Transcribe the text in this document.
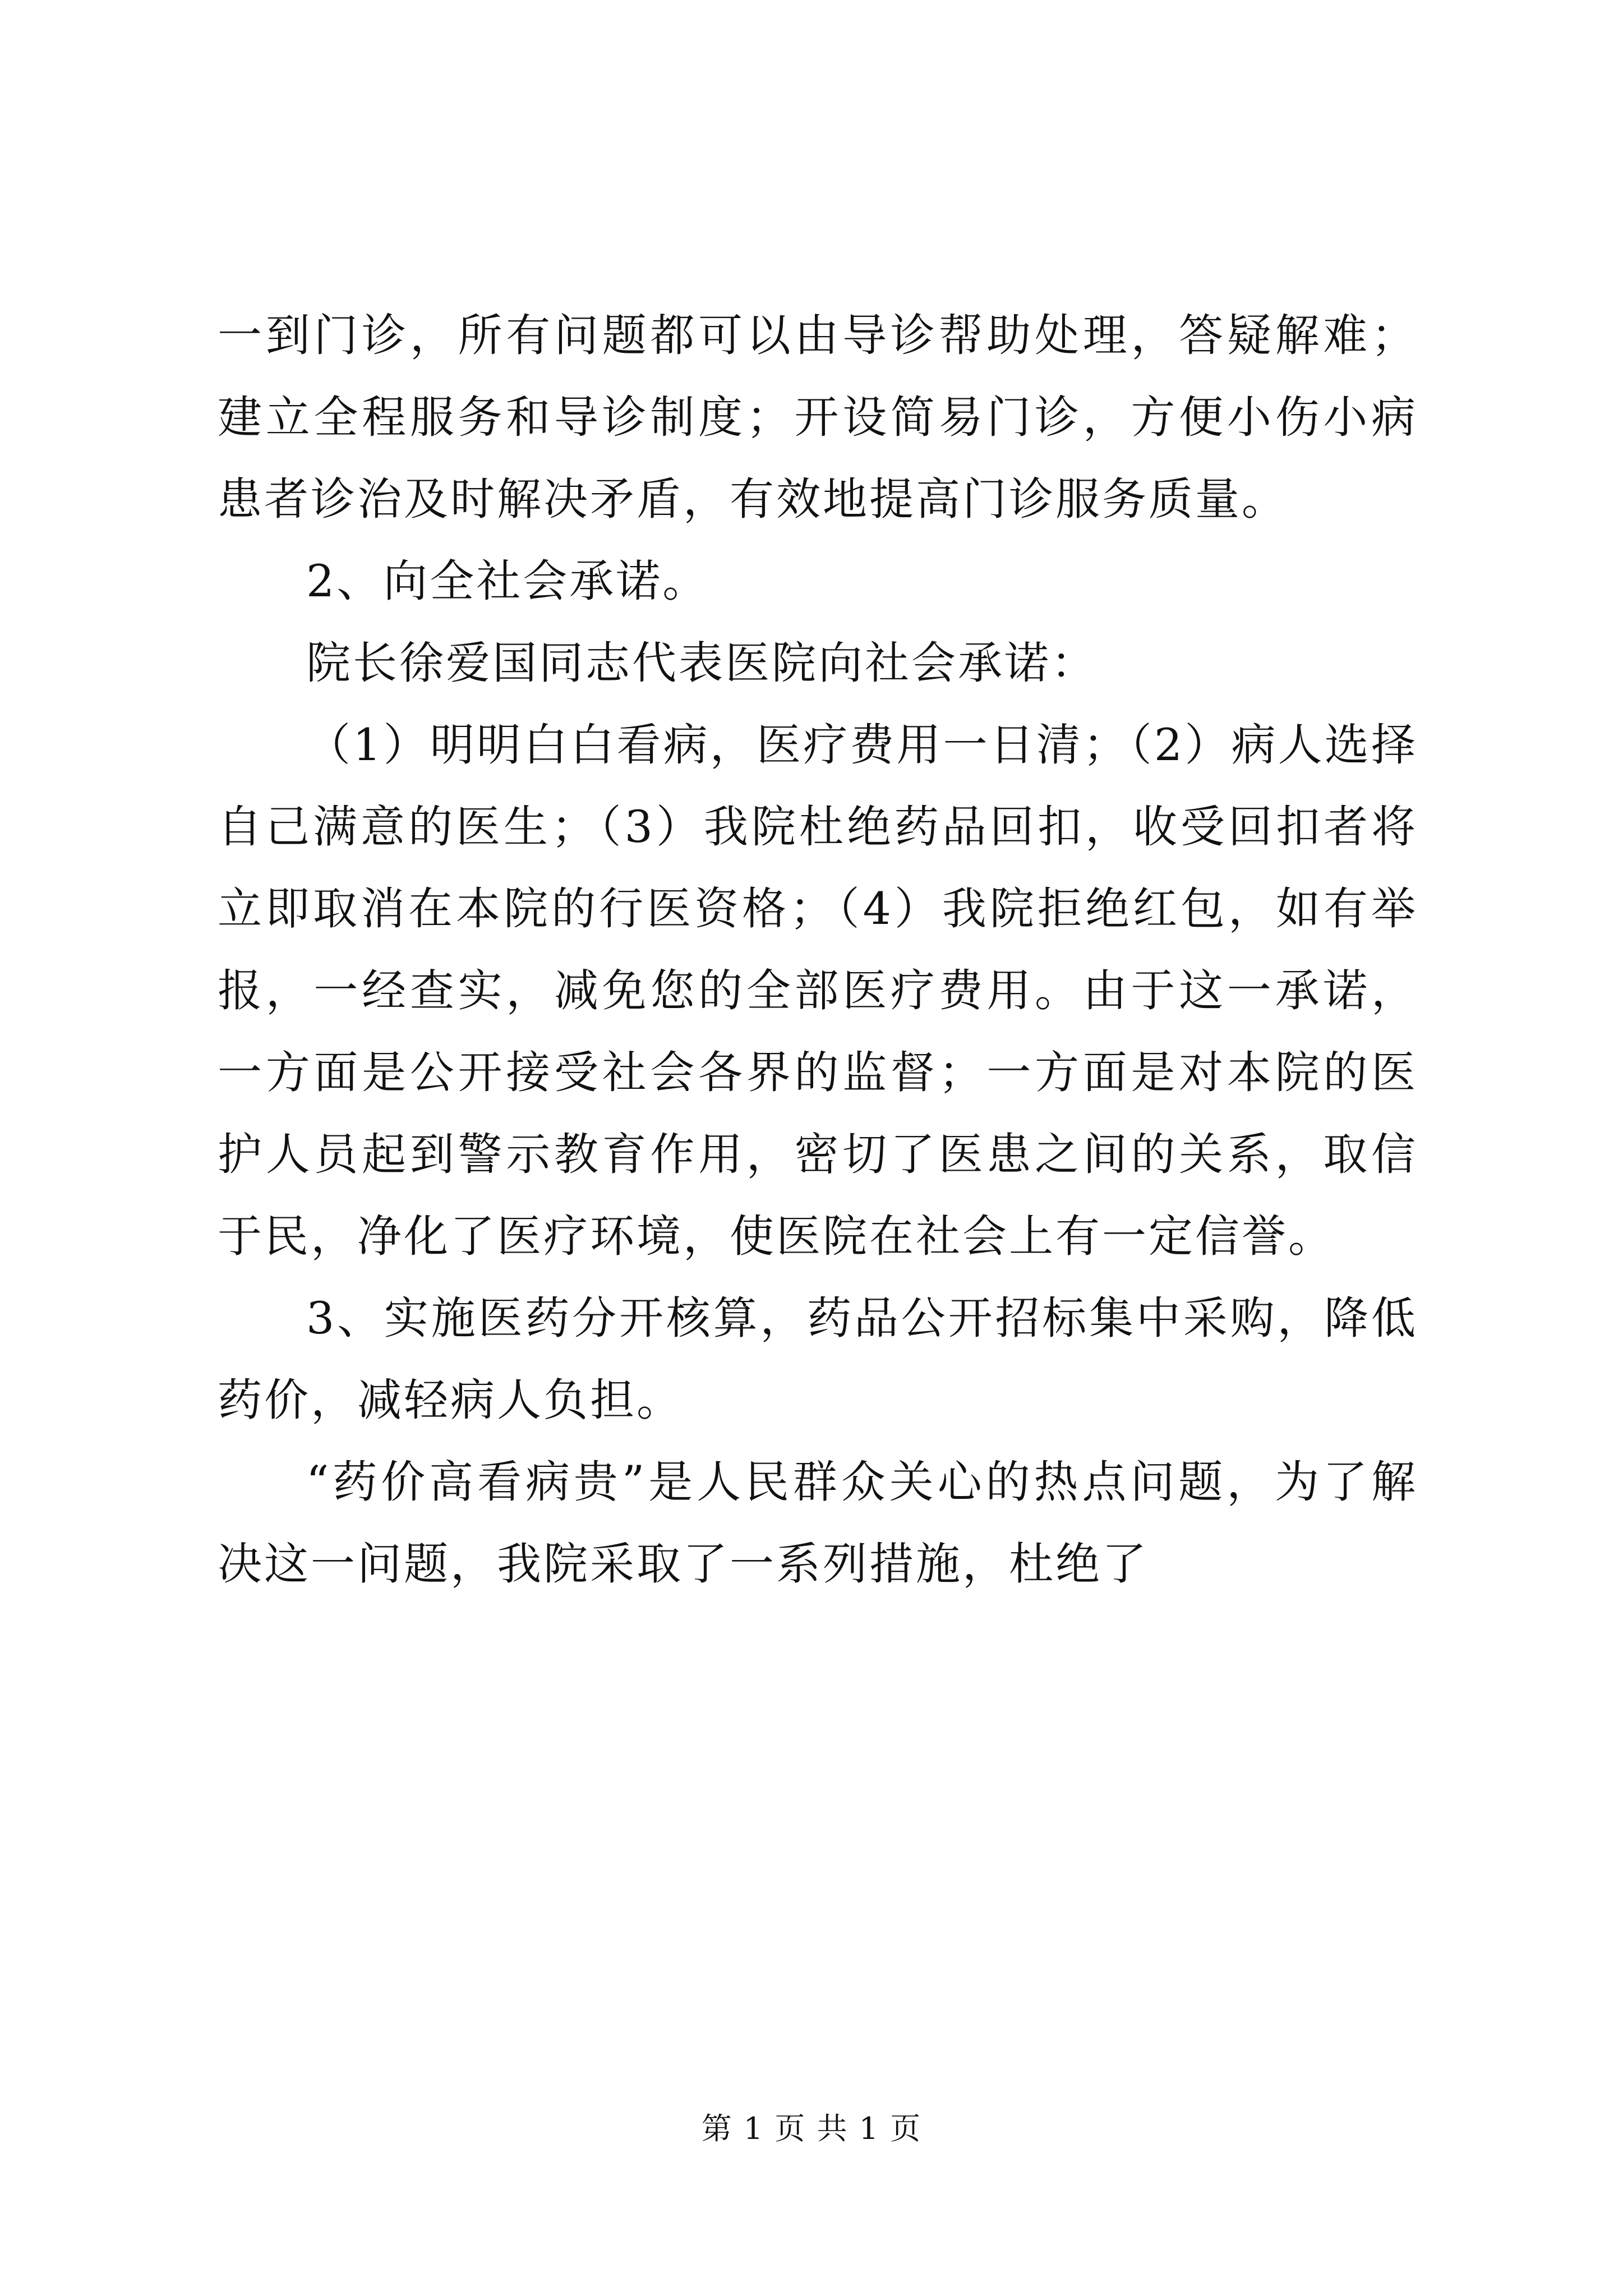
一到门诊，所有问题都可以由导诊帮助处理，答疑解难；建立全程服务和导诊制度；开设简易门诊，方便小伤小病患者诊治及时解决矛盾，有效地提高门诊服务质量。

2、向全社会承诺。

院长徐爱国同志代表医院向社会承诺：

（1）明明白白看病，医疗费用一日清；（2）病人选择自己满意的医生；（3）我院杜绝药品回扣，收受回扣者将立即取消在本院的行医资格；（4）我院拒绝红包，如有举报，一经查实，减免您的全部医疗费用。由于这一承诺，一方面是公开接受社会各界的监督；一方面是对本院的医护人员起到警示教育作用，密切了医患之间的关系，取信于民，净化了医疗环境，使医院在社会上有一定信誉。

3、实施医药分开核算，药品公开招标集中采购，降低药价，减轻病人负担。

“药价高看病贵”是人民群众关心的热点问题，为了解决这一问题，我院采取了一系列措施，杜绝了

第 1 页 共 1 页
